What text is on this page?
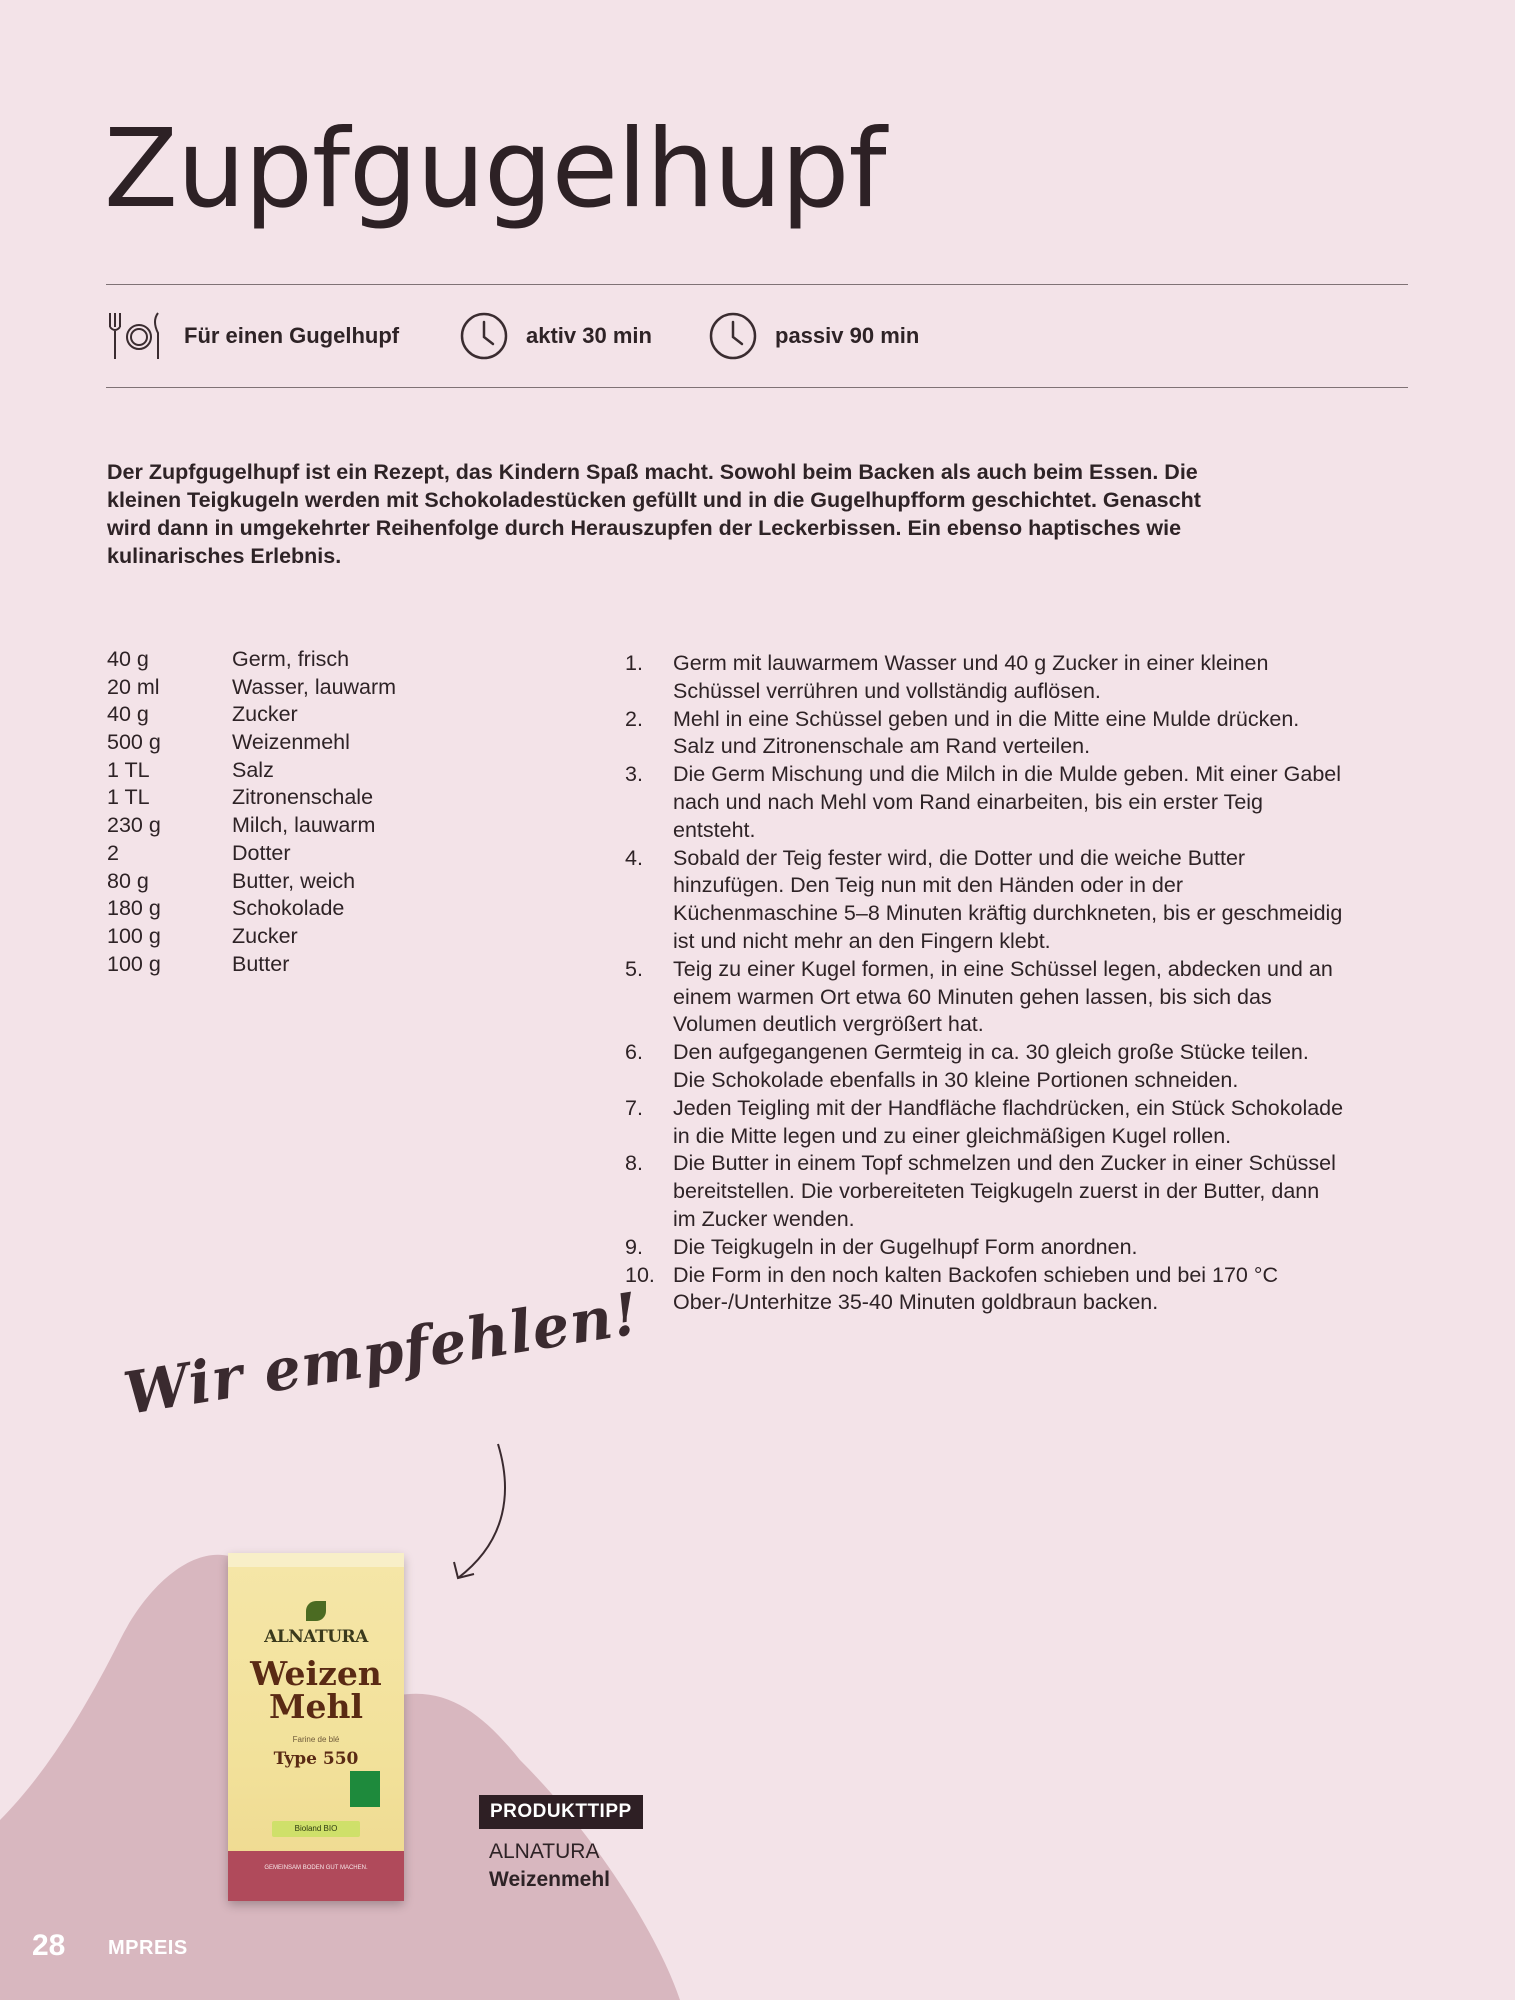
Zupfgugelhupf
Für einen Gugelhupf	aktiv 30 min	passiv 90 min

Der Zupfgugelhupf ist ein Rezept, das Kindern Spaß macht. Sowohl beim Backen als auch beim Essen. Die kleinen Teigkugeln werden mit Schokoladestücken gefüllt und in die Gugelhupfform geschichtet. Genascht wird dann in umgekehrter Reihenfolge durch Herauszupfen der Leckerbissen. Ein ebenso haptisches wie kulinarisches Erlebnis.

40 g	Germ, frisch
20 ml	Wasser, lauwarm
40 g	Zucker
500 g	Weizenmehl
1 TL	Salz
1 TL	Zitronenschale
230 g	Milch, lauwarm
2	Dotter
80 g	Butter, weich
180 g	Schokolade
100 g	Zucker
100 g	Butter
1.	Germ mit lauwarmem Wasser und 40 g Zucker in einer kleinen Schüssel verrühren und vollständig auflösen.
2.	Mehl in eine Schüssel geben und in die Mitte eine Mulde drücken. Salz und Zitronenschale am Rand verteilen.
3.	Die Germ Mischung und die Milch in die Mulde geben. Mit einer Gabel nach und nach Mehl vom Rand einarbeiten, bis ein erster Teig entsteht.
4.	Sobald der Teig fester wird, die Dotter und die weiche Butter hinzufügen. Den Teig nun mit den Händen oder in der Küchenmaschine 5–8 Minuten kräftig durchkneten, bis er geschmeidig ist und nicht mehr an den Fingern klebt.
5.	Teig zu einer Kugel formen, in eine Schüssel legen, abdecken und an einem warmen Ort etwa 60 Minuten gehen lassen, bis sich das Volumen deutlich vergrößert hat.
6.	Den aufgegangenen Germteig in ca. 30 gleich große Stücke teilen. Die Schokolade ebenfalls in 30 kleine Portionen schneiden.
7.	Jeden Teigling mit der Handfläche flachdrücken, ein Stück Schokolade in die Mitte legen und zu einer gleichmäßigen Kugel rollen.
8.	Die Butter in einem Topf schmelzen und den Zucker in einer Schüssel bereitstellen. Die vorbereiteten Teigkugeln zuerst in der Butter, dann im Zucker wenden.
9.	Die Teigkugeln in der Gugelhupf Form anordnen.
10. Die Form in den noch kalten Backofen schieben und bei 170 °C Ober-/Unterhitze 35-40 Minuten goldbraun backen.
Wir empfehlen!
ALNATURA
Weizen
Mehl
Farine de blé
Type 550
Bioland BIO
GEMEINSAM BODEN GUT MACHEN.
PRODUKTTIPP
ALNATURA
Weizenmehl
28 MPREIS
